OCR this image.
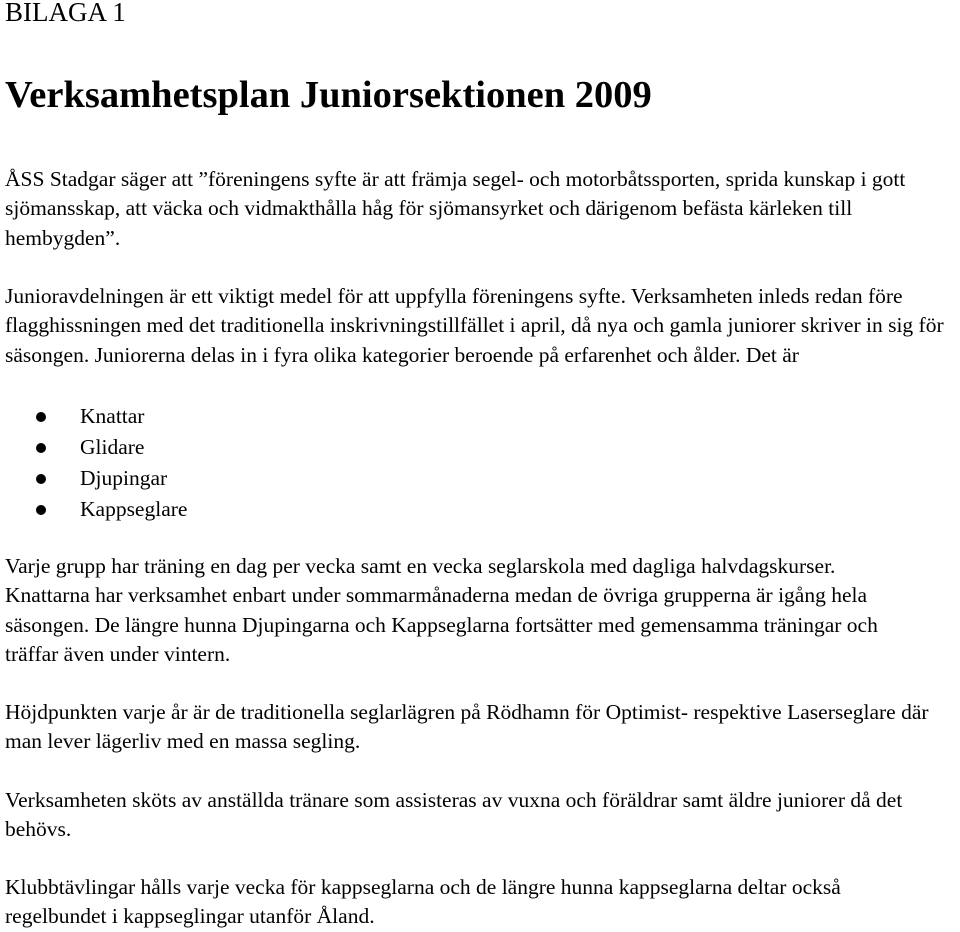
BILAGA 1
Verksamhetsplan Juniorsektionen 2009

ÅSS Stadgar säger att ”föreningens syfte är att främja segel- och motorbåtssporten, sprida kunskap i gott sjömansskap, att väcka och vidmakthålla håg för sjömansyrket och därigenom befästa kärleken till hembygden”.

Junioravdelningen är ett viktigt medel för att uppfylla föreningens syfte. Verksamheten inleds redan före flagghissningen med det traditionella inskrivningstillfället i april, då nya och gamla juniorer skriver in sig för säsongen. Juniorerna delas in i fyra olika kategorier beroende på erfarenhet och ålder. Det är

Knattar
Glidare
Djupingar
Kappseglare

Varje grupp har träning en dag per vecka samt en vecka seglarskola med dagliga halvdagskurser. Knattarna har verksamhet enbart under sommarmånaderna medan de övriga grupperna är igång hela säsongen. De längre hunna Djupingarna och Kappseglarna fortsätter med gemensamma träningar och träffar även under vintern.

Höjdpunkten varje år är de traditionella seglarlägren på Rödhamn för Optimist- respektive Laserseglare där man lever lägerliv med en massa segling.

Verksamheten sköts av anställda tränare som assisteras av vuxna och föräldrar samt äldre juniorer då det behövs.

Klubbtävlingar hålls varje vecka för kappseglarna och de längre hunna kappseglarna deltar också regelbundet i kappseglingar utanför Åland.
